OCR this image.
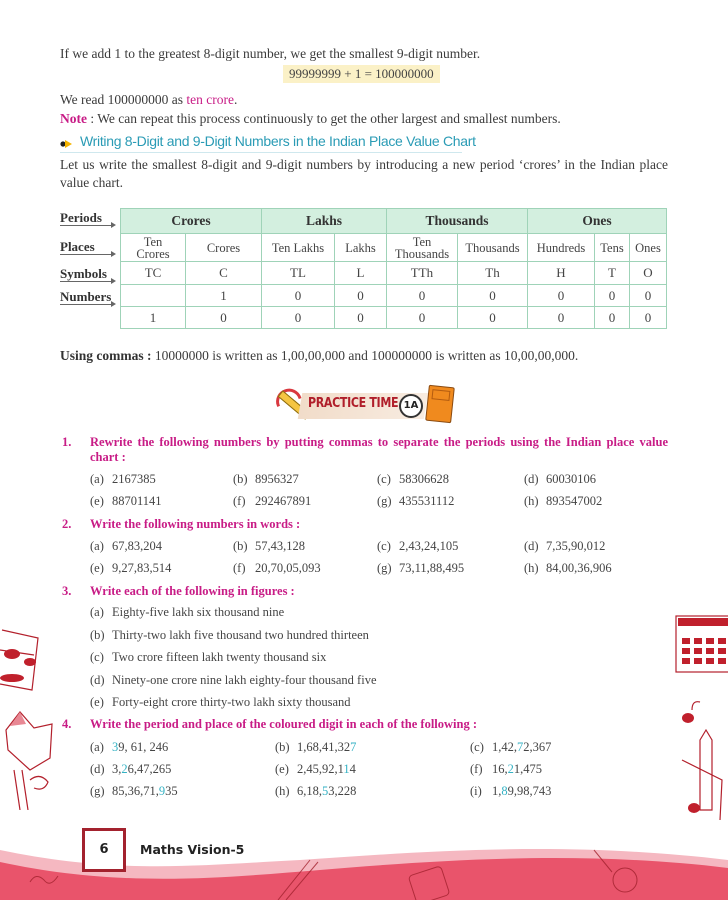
If we add 1 to the greatest 8-digit number, we get the smallest 9-digit number.
99999999 + 1 = 100000000
We read 100000000 as ten crore.
Note : We can repeat this process continuously to get the other largest and smallest numbers.
Writing 8-Digit and 9-Digit Numbers in the Indian Place Value Chart
Let us write the smallest 8-digit and 9-digit numbers by introducing a new period ‘crores’ in the Indian place value chart.
Periods
Places
Symbols
Numbers
Crores		Lakhs		Thousands		Ones		
Ten Crores	Crores	Ten Lakhs	Lakhs	Ten Thousands	Thousands	Hundreds	Tens	Ones
TC	C	TL	L	TTh	Th	H	T	O
	1	0	0	0	0	0	0	0
1	0	0	0	0	0	0	0	0
Using commas : 10000000 is written as 1,00,00,000 and 100000000 is written as 10,00,00,000.
PRACTICE TIME 1A
1. Rewrite the following numbers by putting commas to separate the periods using the Indian place value chart :
(a) 2167385	(b) 8956327	(c) 58306628	(d) 60030106
(e) 88701141	(f) 292467891	(g) 435531112	(h) 893547002
2. Write the following numbers in words :
(a) 67,83,204	(b) 57,43,128	(c) 2,43,24,105	(d) 7,35,90,012
(e) 9,27,83,514	(f) 20,70,05,093	(g) 73,11,88,495	(h) 84,00,36,906
3. Write each of the following in figures :
(a) Eighty-five lakh six thousand nine
(b) Thirty-two lakh five thousand two hundred thirteen
(c) Two crore fifteen lakh twenty thousand six
(d) Ninety-one crore nine lakh eighty-four thousand five
(e) Forty-eight crore thirty-two lakh sixty thousand
4. Write the period and place of the coloured digit in each of the following :
(a) 39, 61, 246	(b) 1,68,41,327	(c) 1,42,72,367
(d) 3,26,47,265	(e) 2,45,92,114	(f) 16,21,475
(g) 85,36,71,935	(h) 6,18,53,228	(i) 1,89,98,743
6	Maths Vision-5
